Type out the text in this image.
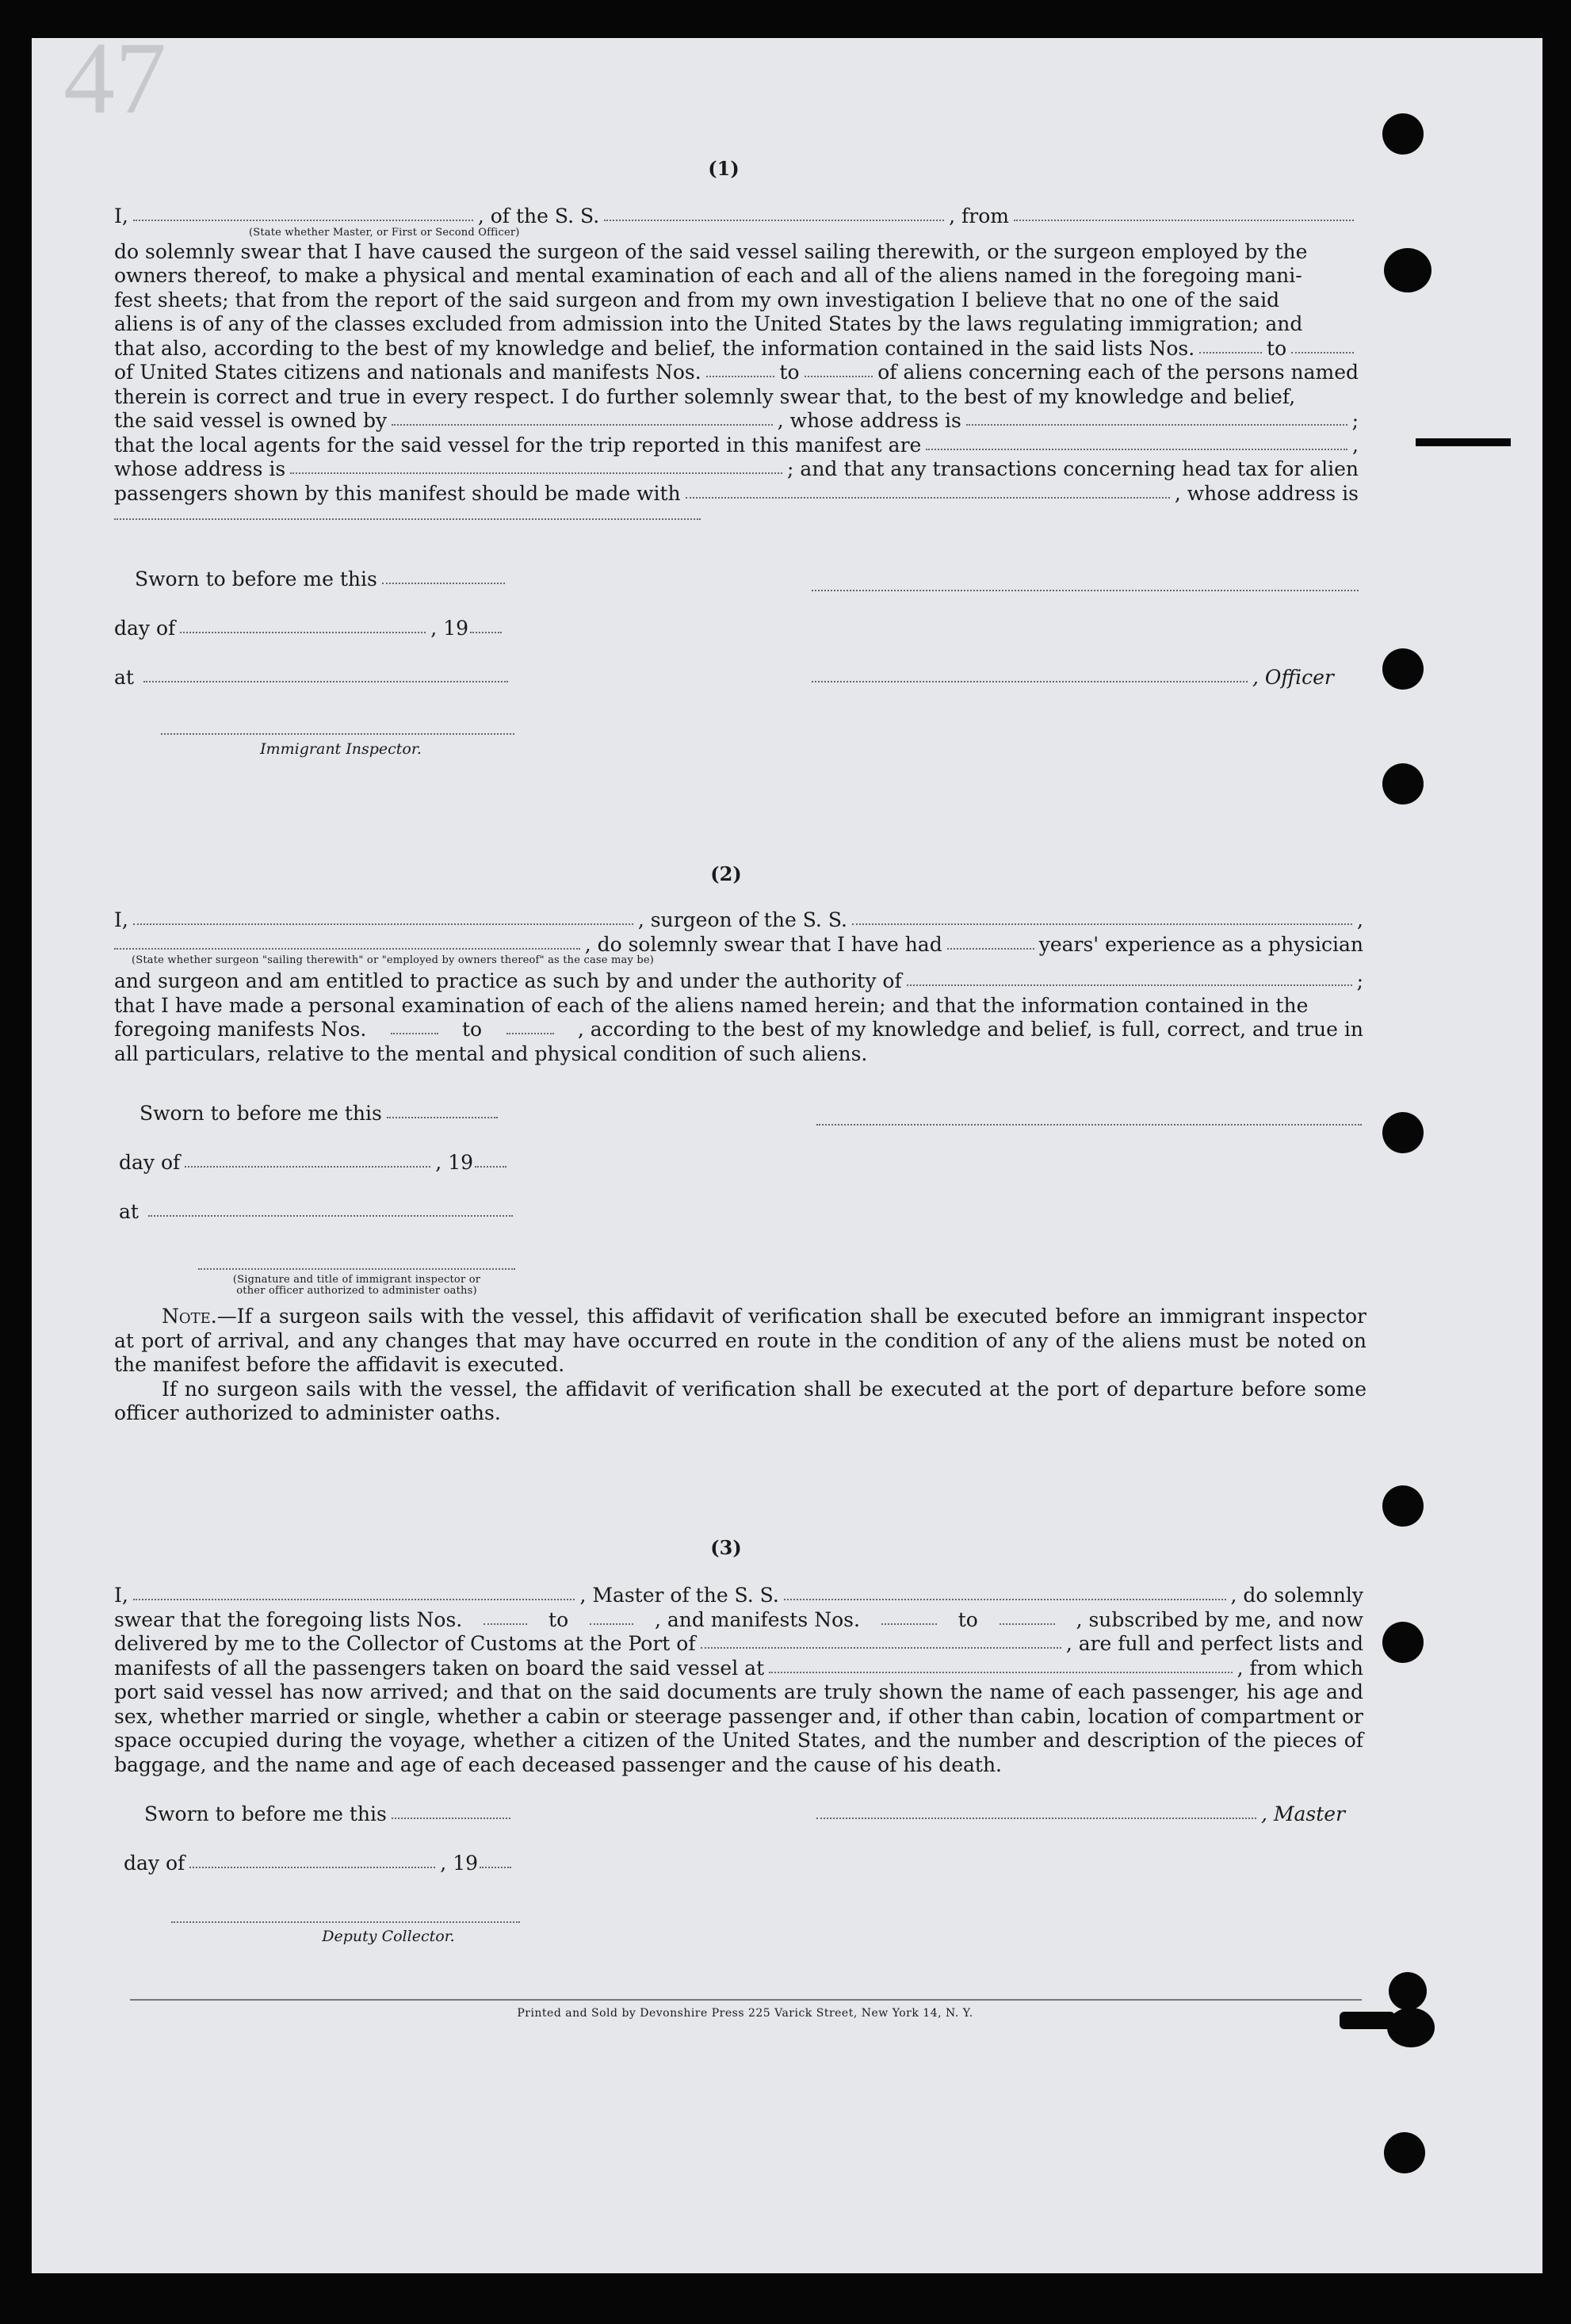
47
(1)
I,	, of the S. S.	, from
(State whether Master, or First or Second Officer)
do solemnly swear that I have caused the surgeon of the said vessel sailing therewith, or the surgeon employed by the
owners thereof, to make a physical and mental examination of each and all of the aliens named in the foregoing mani-
fest sheets; that from the report of the said surgeon and from my own investigation I believe that no one of the said
aliens is of any of the classes excluded from admission into the United States by the laws regulating immigration; and
that also, according to the best of my knowledge and belief, the information contained in the said lists Nos.	to
of United States citizens and nationals and manifests Nos.	to	of aliens concerning each of the persons named
therein is correct and true in every respect. I do further solemnly swear that, to the best of my knowledge and belief,
the said vessel is owned by	, whose address is	;
that the local agents for the said vessel for the trip reported in this manifest are	,
whose address is	; and that any transactions concerning head tax for alien
passengers shown by this manifest should be made with	, whose address is
Sworn to before me this
day of	, 19
at	, Officer
Immigrant Inspector.
(2)
I,	, surgeon of the S. S.	,
, do solemnly swear that I have had	years' experience as a physician
(State whether surgeon "sailing therewith" or "employed by owners thereof" as the case may be)
and surgeon and am entitled to practice as such by and under the authority of	;
that I have made a personal examination of each of the aliens named herein; and that the information contained in the
foregoing manifests Nos.	to	, according to the best of my knowledge and belief, is full, correct, and true in
all particulars, relative to the mental and physical condition of such aliens.
Sworn to before me this
day of	, 19
at
(Signature and title of immigrant inspector or
other officer authorized to administer oaths)

Note.—If a surgeon sails with the vessel, this affidavit of verification shall be executed before an immigrant inspector at port of arrival, and any changes that may have occurred en route in the condition of any of the aliens must be noted on the manifest before the affidavit is executed.

If no surgeon sails with the vessel, the affidavit of verification shall be executed at the port of departure before some officer authorized to administer oaths.

(3)
I,	, Master of the S. S.	, do solemnly
swear that the foregoing lists Nos.	to	, and manifests Nos.	to	, subscribed by me, and now
delivered by me to the Collector of Customs at the Port of	, are full and perfect lists and
manifests of all the passengers taken on board the said vessel at	, from which

port said vessel has now arrived; and that on the said documents are truly shown the name of each passenger, his age and sex, whether married or single, whether a cabin or steerage passenger and, if other than cabin, location of compartment or space occupied during the voyage, whether a citizen of the United States, and the number and description of the pieces of baggage, and the name and age of each deceased passenger and the cause of his death.

Sworn to before me this	, Master
day of	, 19
Deputy Collector.
Printed and Sold by Devonshire Press 225 Varick Street, New York 14, N. Y.
